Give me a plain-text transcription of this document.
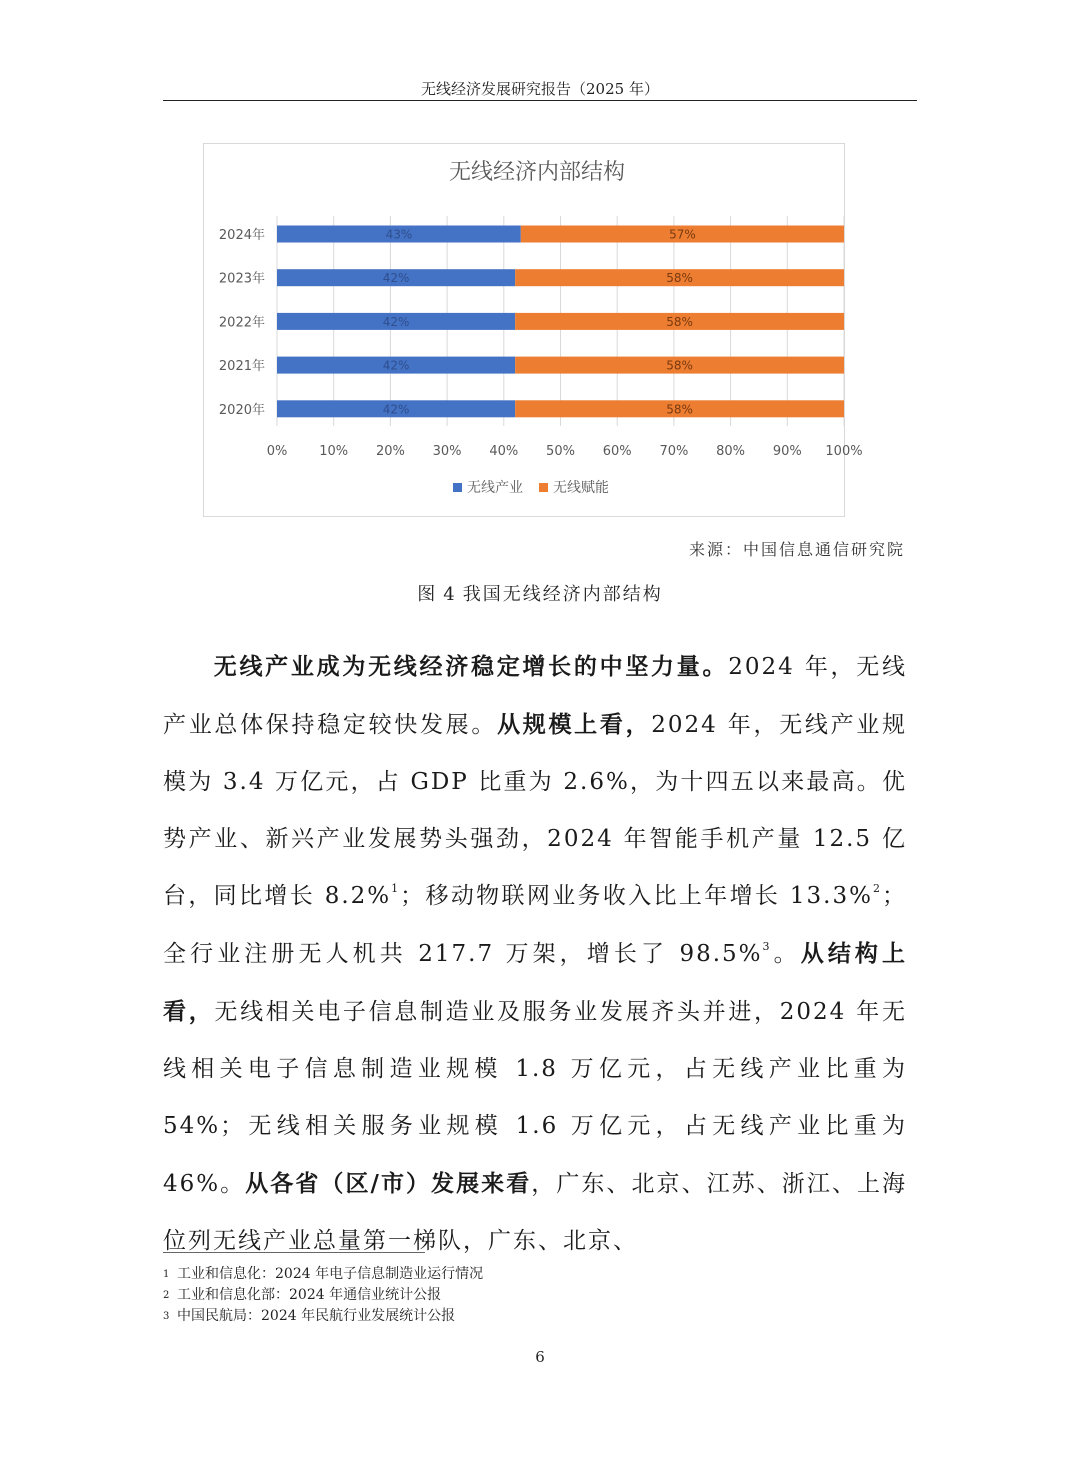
无线经济发展研究报告（2025 年）
无线经济内部结构
0% 10% 20% 30% 40% 50% 60% 70% 80% 90% 100%
2024年	43%	57%
2023年	42%	58%
2022年	42%	58%
2021年	42%	58%
2020年	42%	58%
无线产业 无线赋能
来源：中国信息通信研究院
图 4 我国无线经济内部结构
无线产业成为无线经济稳定增长的中坚力量。2024 年，无线产业总体保持稳定较快发展。从规模上看，2024 年，无线产业规模为 3.4 万亿元，占 GDP 比重为 2.6%，为十四五以来最高。优势产业、新兴产业发展势头强劲，2024 年智能手机产量 12.5 亿台，同比增长 8.2%$^1$；移动物联网业务收入比上年增长 13.3%$^2$；全行业注册无人机共 217.7 万架，增长了 98.5%$^3$。从结构上看，无线相关电子信息制造业及服务业发展齐头并进，2024 年无线相关电子信息制造业规模 1.8 万亿元，占无线产业比重为 54%；无线相关服务业规模 1.6 万亿元，占无线产业比重为 46%。从各省（区/市）发展来看，广东、北京、江苏、浙江、上海位列无线产业总量第一梯队，广东、北京、
1 工业和信息化：2024 年电子信息制造业运行情况
2 工业和信息化部：2024 年通信业统计公报
3 中国民航局：2024 年民航行业发展统计公报
6
